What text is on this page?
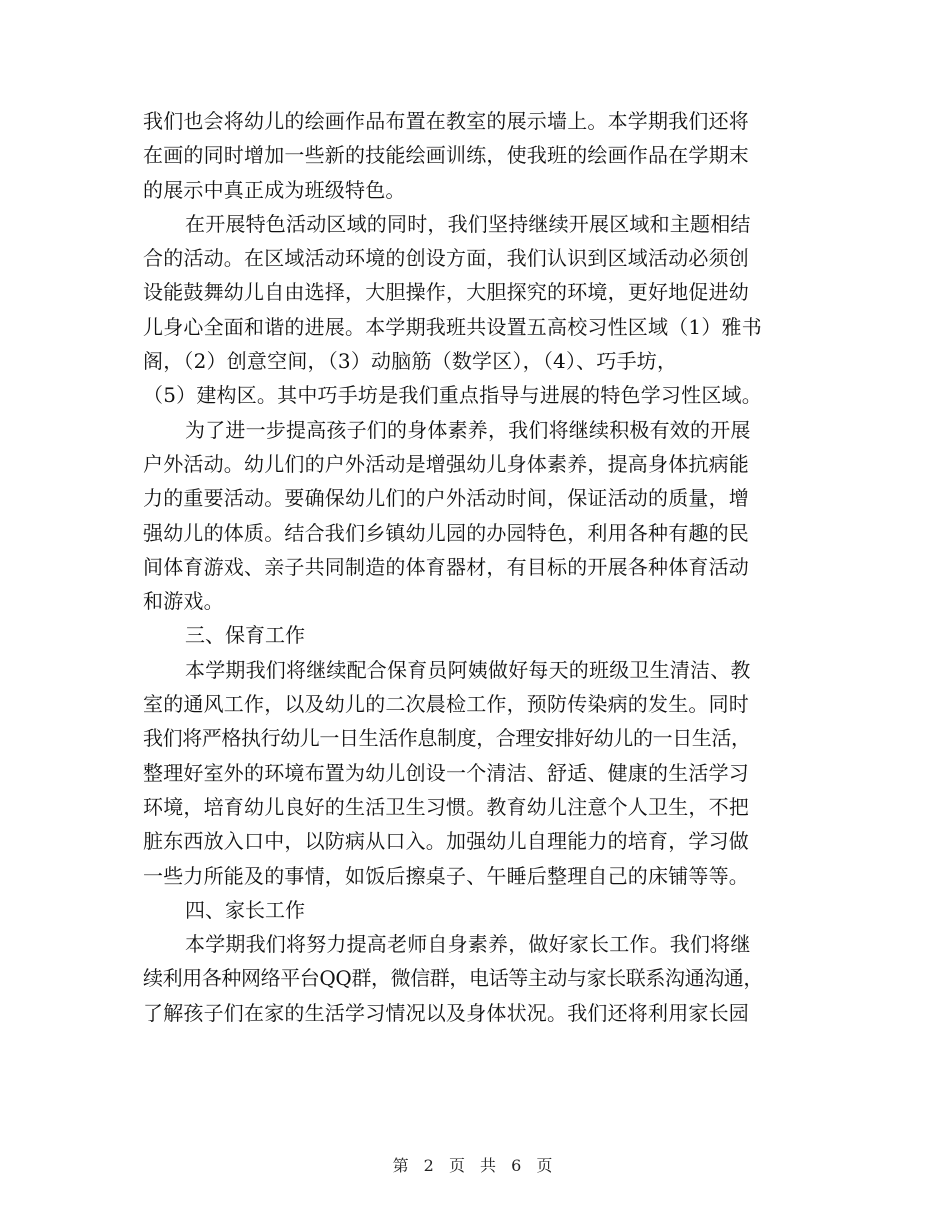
我们也会将幼儿的绘画作品布置在教室的展示墙上。本学期我们还将
在画的同时增加一些新的技能绘画训练，使我班的绘画作品在学期末
的展示中真正成为班级特色。

在开展特色活动区域的同时，我们坚持继续开展区域和主题相结
合的活动。在区域活动环境的创设方面，我们认识到区域活动必须创
设能鼓舞幼儿自由选择，大胆操作，大胆探究的环境，更好地促进幼
儿身心全面和谐的进展。本学期我班共设置五高校习性区域（1）雅书
阁，（2）创意空间，（3）动脑筋（数学区），（4）、巧手坊，
（5）建构区。其中巧手坊是我们重点指导与进展的特色学习性区域。

为了进一步提高孩子们的身体素养，我们将继续积极有效的开展
户外活动。幼儿们的户外活动是增强幼儿身体素养，提高身体抗病能
力的重要活动。要确保幼儿们的户外活动时间，保证活动的质量，增
强幼儿的体质。结合我们乡镇幼儿园的办园特色，利用各种有趣的民
间体育游戏、亲子共同制造的体育器材，有目标的开展各种体育活动
和游戏。

三、保育工作

本学期我们将继续配合保育员阿姨做好每天的班级卫生清洁、教
室的通风工作，以及幼儿的二次晨检工作，预防传染病的发生。同时
我们将严格执行幼儿一日生活作息制度，合理安排好幼儿的一日生活，
整理好室外的环境布置为幼儿创设一个清洁、舒适、健康的生活学习
环境，培育幼儿良好的生活卫生习惯。教育幼儿注意个人卫生，不把
脏东西放入口中，以防病从口入。加强幼儿自理能力的培育，学习做
一些力所能及的事情，如饭后擦桌子、午睡后整理自己的床铺等等。

四、家长工作

本学期我们将努力提高老师自身素养，做好家长工作。我们将继
续利用各种网络平台QQ群，微信群，电话等主动与家长联系沟通沟通，
了解孩子们在家的生活学习情况以及身体状况。我们还将利用家长园

第 2 页 共 6 页
